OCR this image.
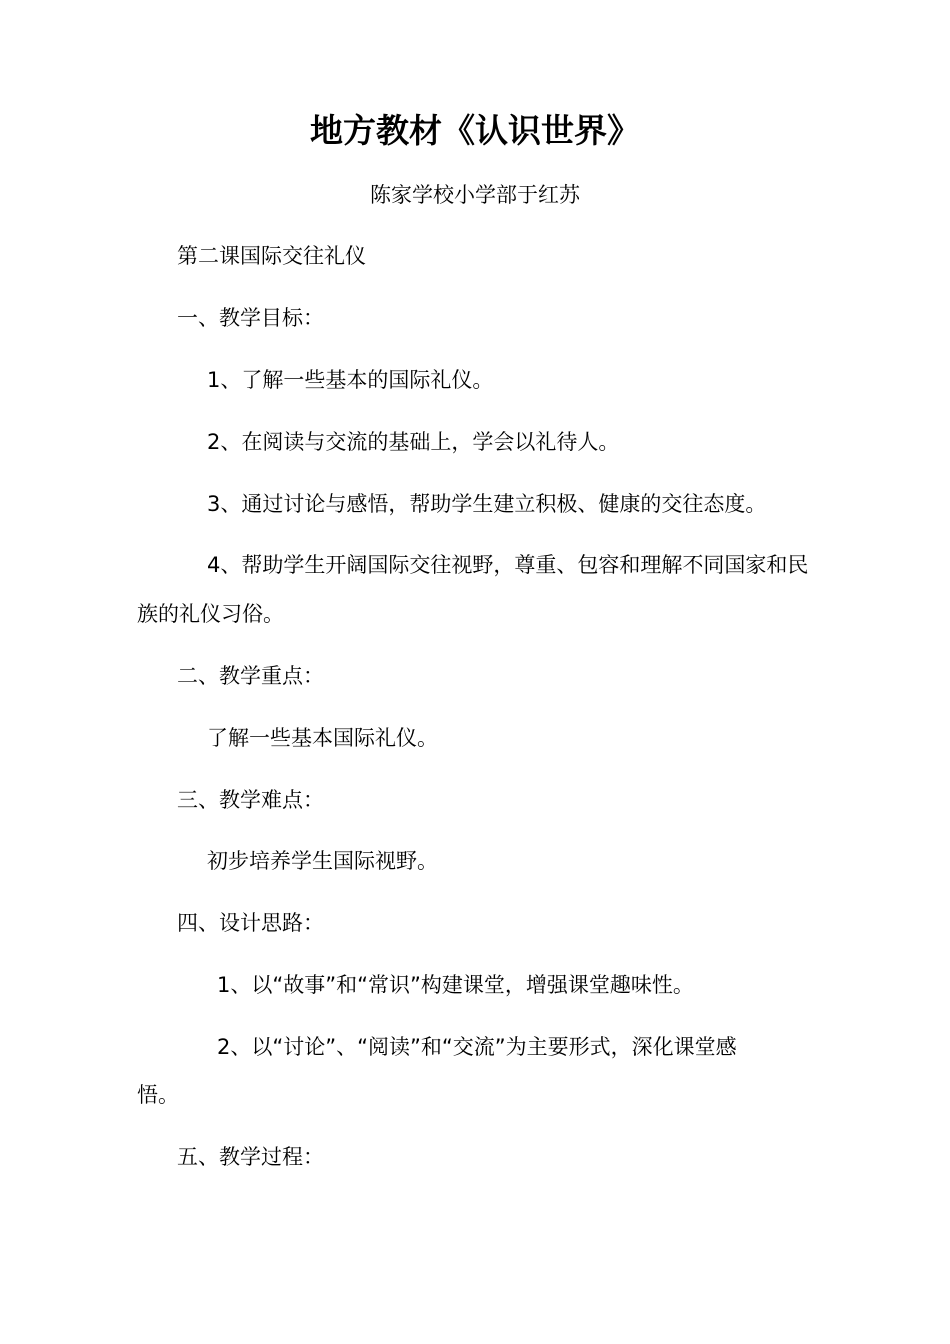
地方教材《认识世界》
陈家学校小学部于红苏
第二课国际交往礼仪
一、教学目标：
1、了解一些基本的国际礼仪。
2、在阅读与交流的基础上，学会以礼待人。
3、通过讨论与感悟，帮助学生建立积极、健康的交往态度。
4、帮助学生开阔国际交往视野，尊重、包容和理解不同国家和民
族的礼仪习俗。
二、教学重点：
了解一些基本国际礼仪。
三、教学难点：
初步培养学生国际视野。
四、设计思路：
1、以“故事”和“常识”构建课堂，增强课堂趣味性。
2、以“讨论”、“阅读”和“交流”为主要形式，深化课堂感
悟。
五、教学过程：
